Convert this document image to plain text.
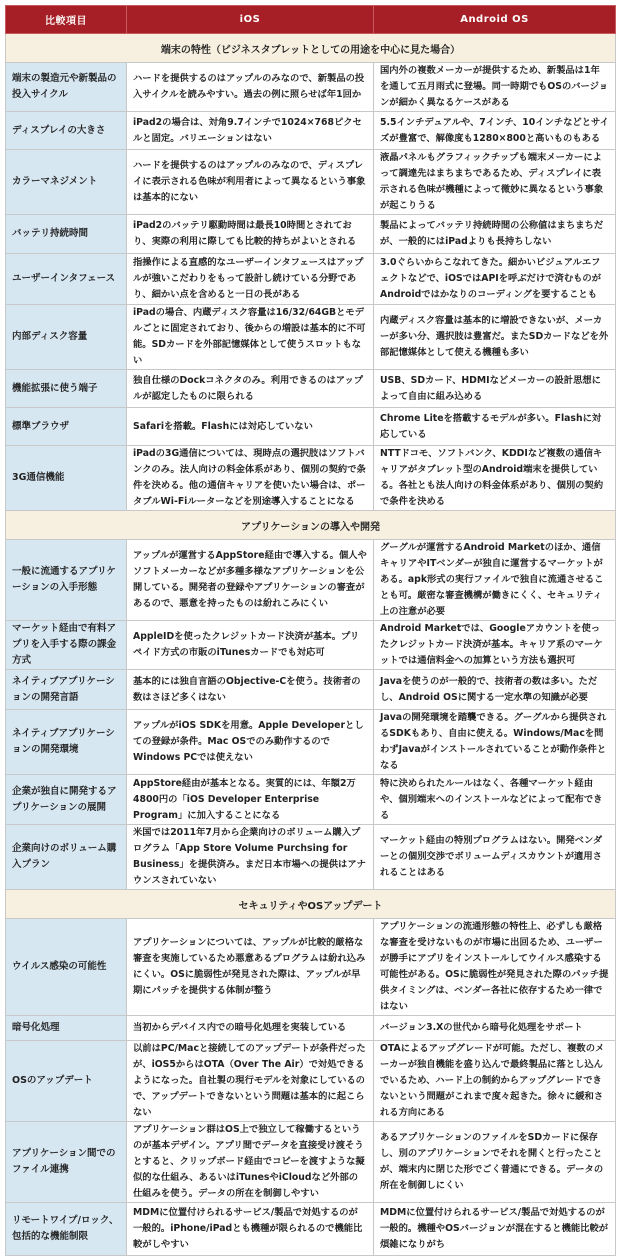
比較項目	iOS	Android OS
端末の特性（ビジネスタブレットとしての用途を中心に見た場合）		
端末の製造元や新製品の投入サイクル	ハードを提供するのはアップルのみなので、新製品の投入サイクルを読みやすい。過去の例に照らせば年1回か	国内外の複数メーカーが提供するため、新製品は1年を通して五月雨式に登場。同一時期でもOSのバージョンが細かく異なるケースがある
ディスプレイの大きさ	iPad2の場合は、対角9.7インチで1024×768ピクセルと固定。バリエーションはない	5.5インチデュアルや、7インチ、10インチなどとサイズが豊富で、解像度も1280×800と高いものもある
カラーマネジメント	ハードを提供するのはアップルのみなので、ディスプレイに表示される色味が利用者によって異なるという事象は基本的にない	液晶パネルもグラフィックチップも端末メーカーによって調達先はまちまちであるため、ディスプレイに表示される色味が機種によって微妙に異なるという事象が起こりうる
バッテリ持続時間	iPad2のバッテリ駆動時間は最長10時間とされており、実際の利用に際しても比較的持ちがよいとされる	製品によってバッテリ持続時間の公称値はまちまちだが、一般的にはiPadよりも長持ちしない
ユーザーインタフェース	指操作による直感的なユーザーインタフェースはアップルが強いこだわりをもって設計し続けている分野であり、細かい点を含めると一日の長がある	3.0ぐらいからこなれてきた。細かいビジュアルエフェクトなどで、iOSではAPIを呼ぶだけで済むものがAndroidではかなりのコーディングを要することも
内部ディスク容量	iPadの場合、内蔵ディスク容量は16/32/64GBとモデルごとに固定されており、後からの増設は基本的に不可能。SDカードを外部記憶媒体として使うスロットもない	内蔵ディスク容量は基本的に増設できないが、メーカーが多い分、選択肢は豊富だ。またSDカードなどを外部記憶媒体として使える機種も多い
機能拡張に使う端子	独自仕様のDockコネクタのみ。利用できるのはアップルが認定したものに限られる	USB、SDカード、HDMIなどメーカーの設計思想によって自由に組み込める
標準ブラウザ	Safariを搭載。Flashには対応していない	Chrome Liteを搭載するモデルが多い。Flashに対応している
3G通信機能	iPadの3G通信については、現時点の選択肢はソフトバンクのみ。法人向けの料金体系があり、個別の契約で条件を決める。他の通信キャリアを使いたい場合は、ポータブルWi-Fiルーターなどを別途導入することになる	NTTドコモ、ソフトバンク、KDDIなど複数の通信キャリアがタブレット型のAndroid端末を提供している。各社とも法人向けの料金体系があり、個別の契約で条件を決める
アプリケーションの導入や開発		
一般に流通するアプリケーションの入手形態	アップルが運営するAppStore経由で導入する。個人やソフトメーカーなどが多種多様なアプリケーションを公開している。開発者の登録やアプリケーションの審査があるので、悪意を持ったものは紛れこみにくい	グーグルが運営するAndroid Marketのほか、通信キャリアやITベンダーが独自に運営するマーケットがある。apk形式の実行ファイルで独自に流通させることも可。厳密な審査機構が働きにくく、セキュリティ上の注意が必要
マーケット経由で有料アプリを入手する際の課金方式	AppleIDを使ったクレジットカード決済が基本。プリペイド方式の市販のiTunesカードでも対応可	Android Marketでは、Googleアカウントを使ったクレジットカード決済が基本。キャリア系のマーケットでは通信料金への加算という方法も選択可
ネイティブアプリケーションの開発言語	基本的には独自言語のObjective-Cを使う。技術者の数はさほど多くはない	Javaを使うのが一般的で、技術者の数は多い。ただし、Android OSに関する一定水準の知識が必要
ネイティブアプリケーションの開発環境	アップルがiOS SDKを用意。Apple Developerとしての登録が条件。Mac OSでのみ動作するのでWindows PCでは使えない	Javaの開発環境を踏襲できる。グーグルから提供されるSDKもあり、自由に使える。Windows/Macを問わずJavaがインストールされていることが動作条件となる
企業が独自に開発するアプリケーションの展開	AppStore経由が基本となる。実質的には、年額2万4800円の「iOS Developer Enterprise Program」に加入することになる	特に決められたルールはなく、各種マーケット経由や、個別端末へのインストールなどによって配布できる
企業向けのボリューム購入プラン	米国では2011年7月から企業向けのボリューム購入プログラム「App Store Volume Purchsing for Business」を提供済み。まだ日本市場への提供はアナウンスされていない	マーケット経由の特別プログラムはない。開発ベンダーとの個別交渉でボリュームディスカウントが適用されることはある
セキュリティやOSアップデート		
ウイルス感染の可能性	アプリケーションについては、アップルが比較的厳格な審査を実施しているため悪意あるプログラムは紛れ込みにくい。OSに脆弱性が発見された際は、アップルが早期にパッチを提供する体制が整う	アプリケーションの流通形態の特性上、必ずしも厳格な審査を受けないものが市場に出回るため、ユーザーが勝手にアプリをインストールしてウイルス感染する可能性がある。OSに脆弱性が発見された際のパッチ提供タイミングは、ベンダー各社に依存するため一律ではない
暗号化処理	当初からデバイス内での暗号化処理を実装している	バージョン3.Xの世代から暗号化処理をサポート
OSのアップデート	以前はPC/Macと接続してのアップデートが条件だったが、iOS5からはOTA（Over The Air）で対処できるようになった。自社製の現行モデルを対象にしているので、アップデートできないという問題は基本的に起こらない	OTAによるアップグレードが可能。ただし、複数のメーカーが独自機能を盛り込んで最終製品に落とし込んでいるため、ハード上の制約からアップグレードできないという問題がこれまで度々起きた。徐々に緩和される方向にある
アプリケーション間でのファイル連携	アプリケーション群はOS上で独立して稼働するというのが基本デザイン。アプリ間でデータを直接受け渡そうとすると、クリップボード経由でコピーを渡すような擬似的な仕組み、あるいはiTunesやiCloudなど外部の仕組みを使う。データの所在を制御しやすい	あるアプリケーションのファイルをSDカードに保存し、別のアプリケーションでそれを開くと行ったことが、端末内に閉じた形でごく普通にできる。データの所在を制御しにくい
リモートワイプ/ロック、包括的な機能制限	MDMに位置付けられるサービス/製品で対処するのが一般的。iPhone/iPadとも機種が限られるので機能比較がしやすい	MDMに位置付けられるサービス/製品で対処するのが一般的。機種やOSバージョンが混在すると機能比較が煩雑になりがち
